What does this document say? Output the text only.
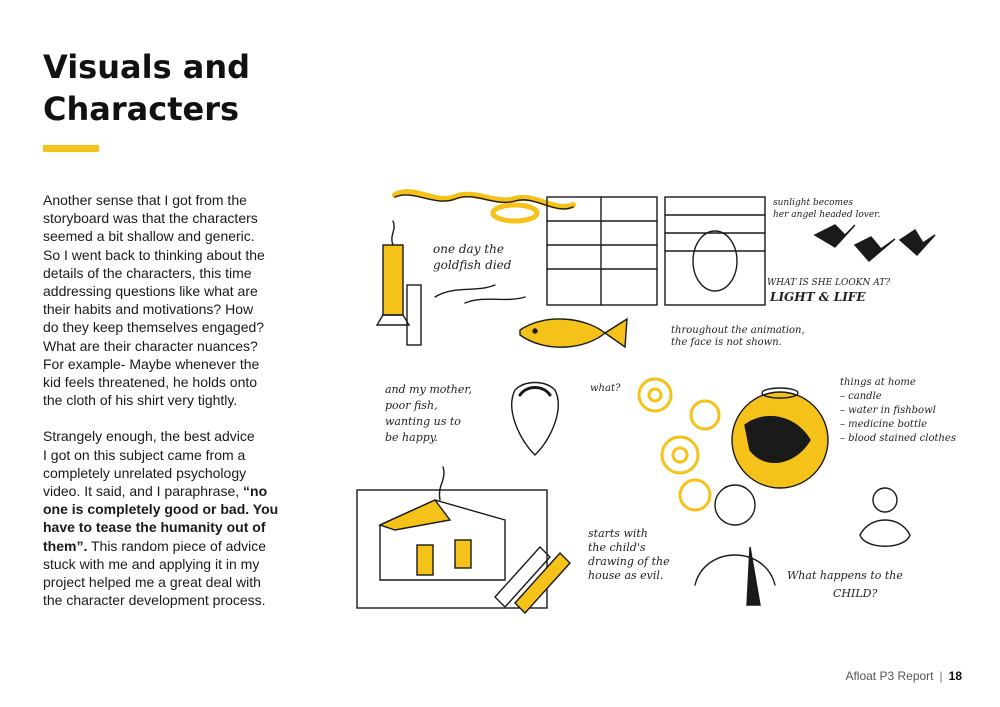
Visuals and
Characters

Another sense that I got from the
storyboard was that the characters
seemed a bit shallow and generic.
So I went back to thinking about the
details of the characters, this time
addressing questions like what are
their habits and motivations? How
do they keep themselves engaged?
What are their character nuances?
For example- Maybe whenever the
kid feels threatened, he holds onto
the cloth of his shirt very tightly.

Strangely enough, the best advice
I got on this subject came from a
completely unrelated psychology
video. It said, and I paraphrase, “no
one is completely good or bad. You
have to tease the humanity out of
them”. This random piece of advice
stuck with me and applying it in my
project helped me a great deal with
the character development process.

one day the
goldfish died
sunlight becomes
her angel headed lover.
WHAT IS SHE LOOKN AT?
LIGHT & LIFE
throughout the animation,
the face is not shown.
and my mother,
poor fish,
wanting us to
be happy.
what?
things at home
– candle
– water in fishbowl
– medicine bottle
– blood stained clothes
starts with
the child's
drawing of the
house as evil.	What happens to the
CHILD?
Afloat P3 Report | 18
